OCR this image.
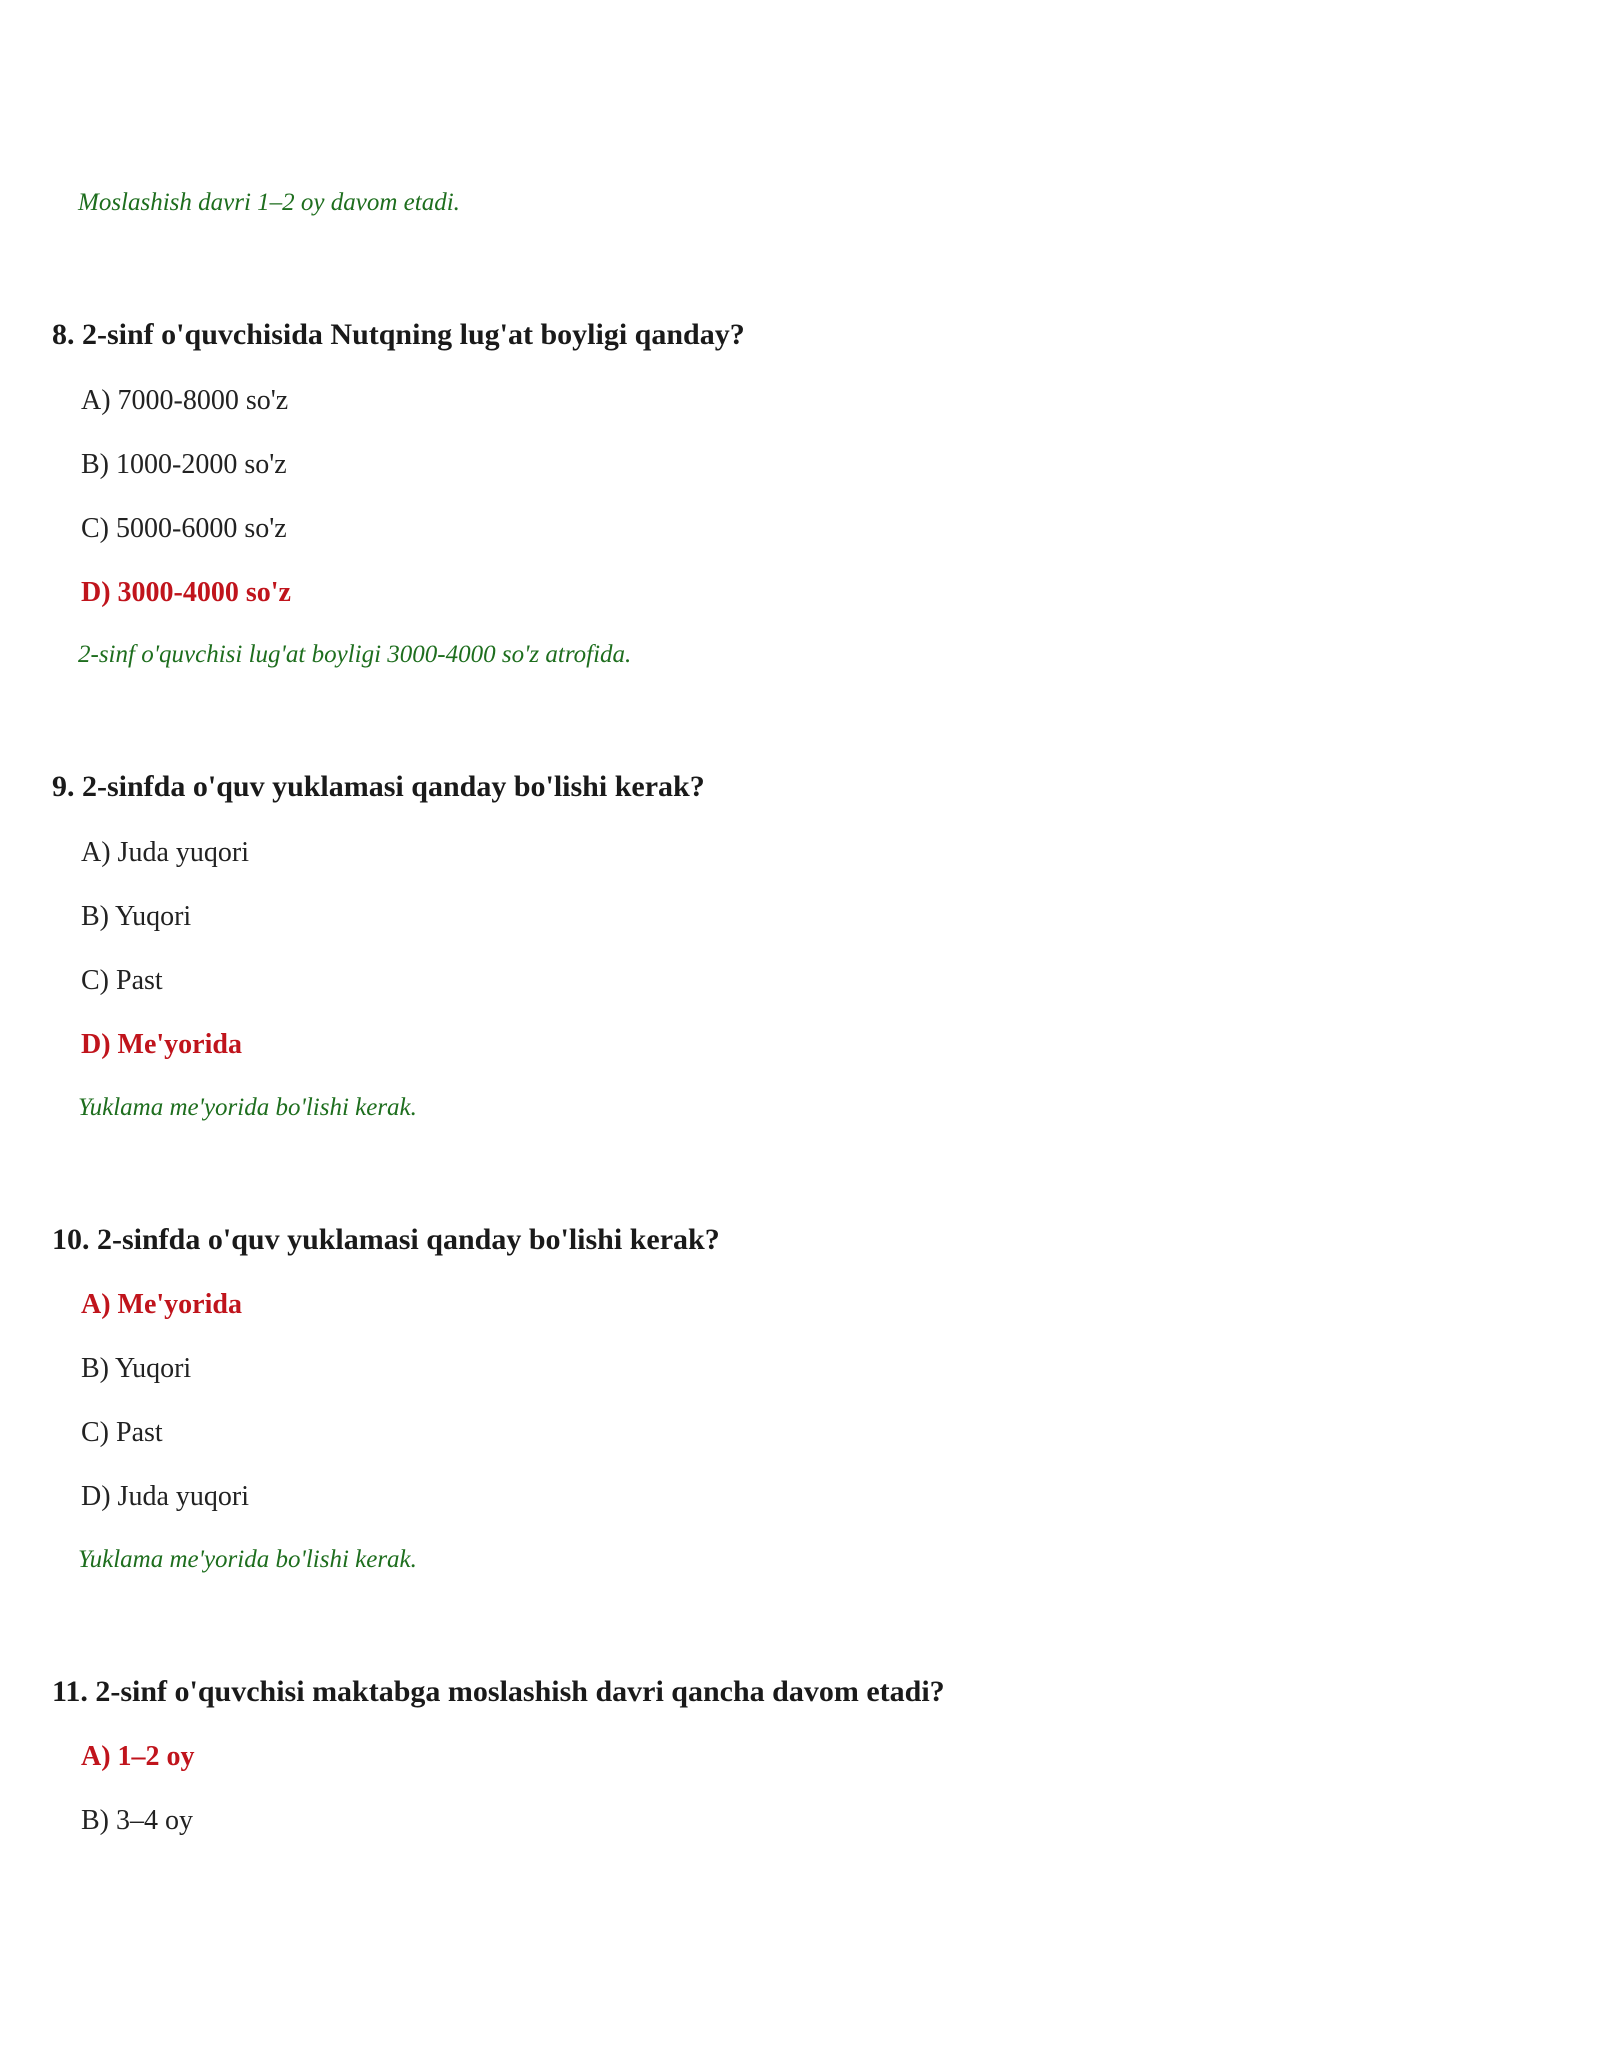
Moslashish davri 1–2 oy davom etadi.
8. 2-sinf o'quvchisida Nutqning lug'at boyligi qanday?
A) 7000-8000 so'z
B) 1000-2000 so'z
C) 5000-6000 so'z
D) 3000-4000 so'z
2-sinf o'quvchisi lug'at boyligi 3000-4000 so'z atrofida.
9. 2-sinfda o'quv yuklamasi qanday bo'lishi kerak?
A) Juda yuqori
B) Yuqori
C) Past
D) Me'yorida
Yuklama me'yorida bo'lishi kerak.
10. 2-sinfda o'quv yuklamasi qanday bo'lishi kerak?
A) Me'yorida
B) Yuqori
C) Past
D) Juda yuqori
Yuklama me'yorida bo'lishi kerak.
11. 2-sinf o'quvchisi maktabga moslashish davri qancha davom etadi?
A) 1–2 oy
B) 3–4 oy
